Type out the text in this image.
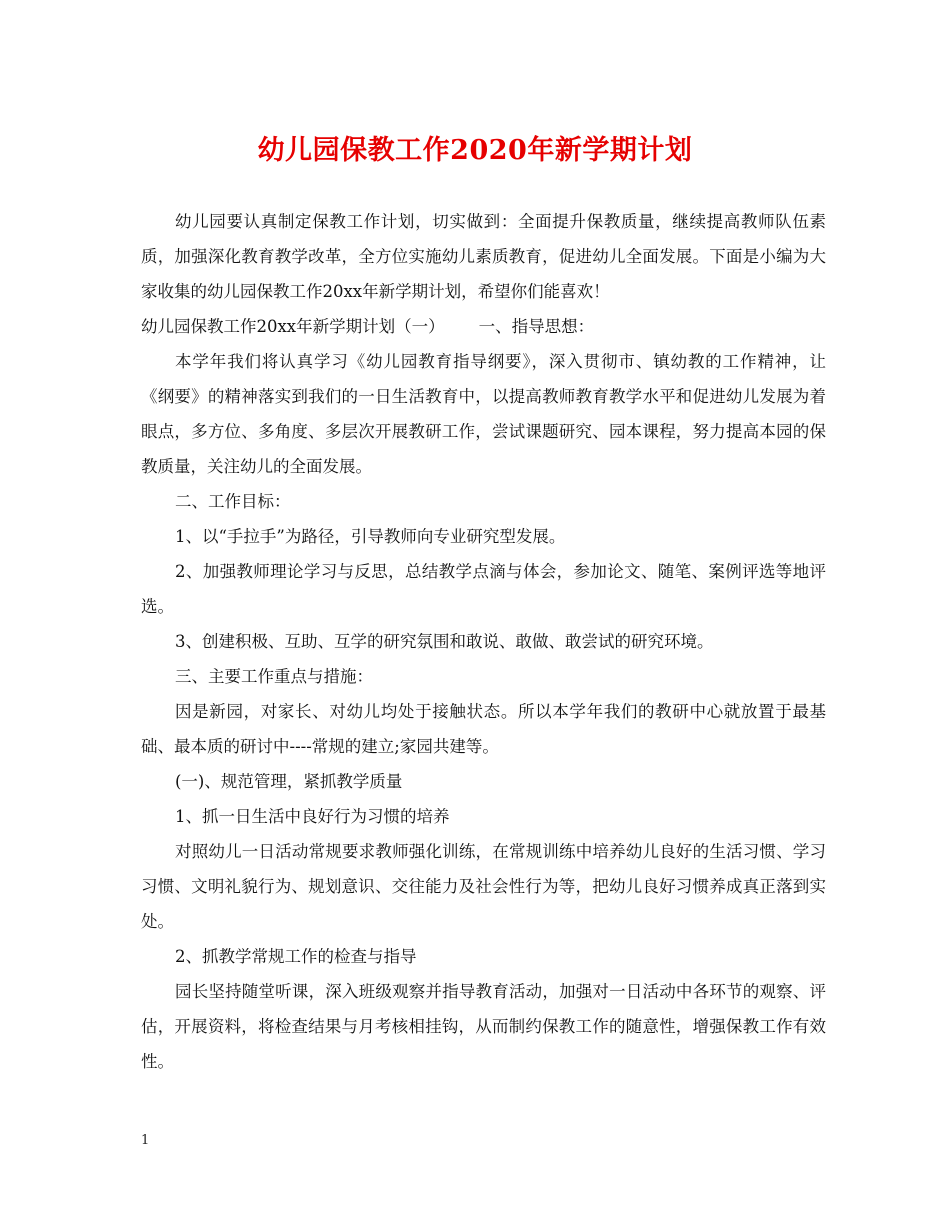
幼儿园保教工作2020年新学期计划

幼儿园要认真制定保教工作计划，切实做到：全面提升保教质量，继续提高教师队伍素质，加强深化教育教学改革，全方位实施幼儿素质教育，促进幼儿全面发展。下面是小编为大家收集的幼儿园保教工作20xx年新学期计划，希望你们能喜欢！

幼儿园保教工作20xx年新学期计划（一） 一、指导思想：

本学年我们将认真学习《幼儿园教育指导纲要》，深入贯彻市、镇幼教的工作精神，让《纲要》的精神落实到我们的一日生活教育中，以提高教师教育教学水平和促进幼儿发展为着眼点，多方位、多角度、多层次开展教研工作，尝试课题研究、园本课程，努力提高本园的保教质量，关注幼儿的全面发展。

二、工作目标：

1、以“手拉手”为路径，引导教师向专业研究型发展。

2、加强教师理论学习与反思，总结教学点滴与体会，参加论文、随笔、案例评选等地评选。

3、创建积极、互助、互学的研究氛围和敢说、敢做、敢尝试的研究环境。

三、主要工作重点与措施：

因是新园，对家长、对幼儿均处于接触状态。所以本学年我们的教研中心就放置于最基础、最本质的研讨中----常规的建立;家园共建等。

(一)、规范管理，紧抓教学质量

1、抓一日生活中良好行为习惯的培养

对照幼儿一日活动常规要求教师强化训练，在常规训练中培养幼儿良好的生活习惯、学习习惯、文明礼貌行为、规划意识、交往能力及社会性行为等，把幼儿良好习惯养成真正落到实处。

2、抓教学常规工作的检查与指导

园长坚持随堂听课，深入班级观察并指导教育活动，加强对一日活动中各环节的观察、评估，开展资料，将检查结果与月考核相挂钩，从而制约保教工作的随意性，增强保教工作有效性。

1
